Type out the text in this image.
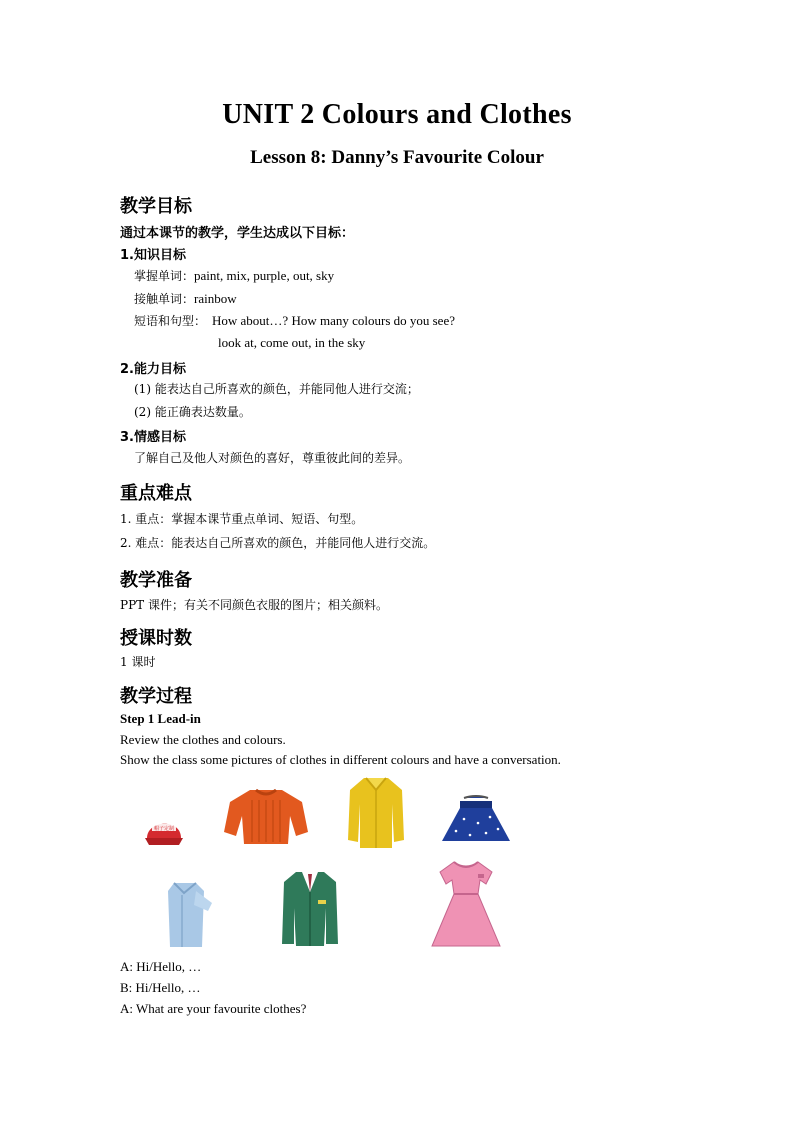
UNIT 2 Colours and Clothes
Lesson 8: Danny’s Favourite Colour
教学目标
通过本课节的教学，学生达成以下目标：
1.知识目标
掌握单词：paint, mix, purple, out, sky
接触单词：rainbow
短语和句型： How about…? How many colours do you see?
look at, come out, in the sky
2.能力目标
(1) 能表达自己所喜欢的颜色，并能同他人进行交流；
(2) 能正确表达数量。
3.情感目标
了解自己及他人对颜色的喜好，尊重彼此间的差异。
重点难点
1. 重点：掌握本课节重点单词、短语、句型。
2. 难点：能表达自己所喜欢的颜色，并能同他人进行交流。
教学准备
PPT 课件；有关不同颜色衣服的图片；相关颜料。
授课时数
1 课时
教学过程
Step 1 Lead-in
Review the clothes and colours.
Show the class some pictures of clothes in different colours and have a conversation.
帽子定制
A: Hi/Hello, …
B: Hi/Hello, …
A: What are your favourite clothes?
